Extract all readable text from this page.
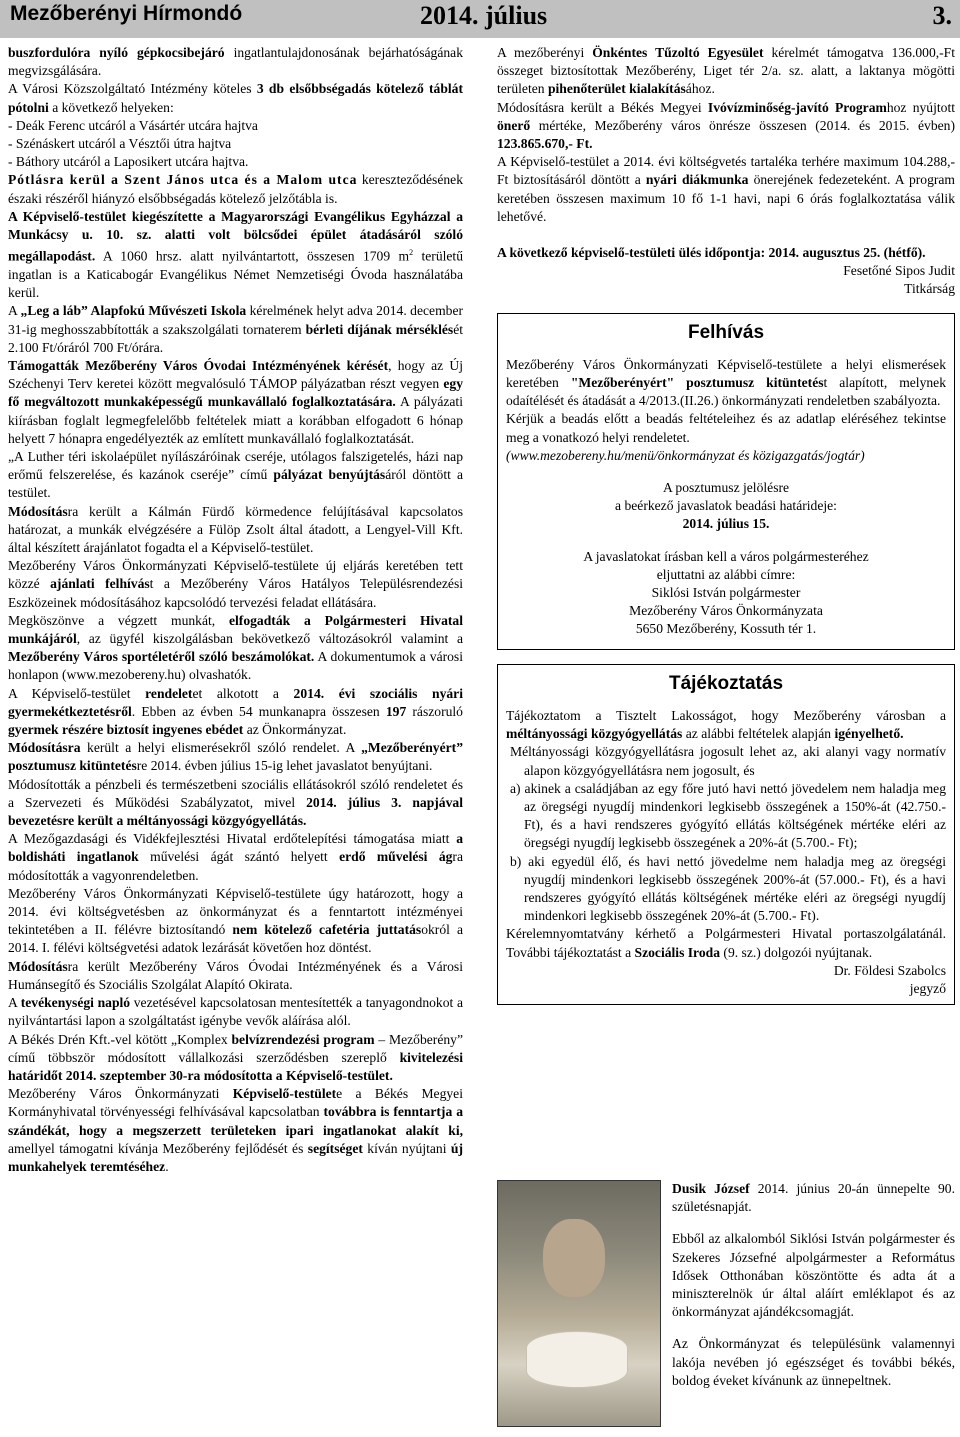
Mezőberényi Hírmondó	2014. július	3.

buszfordulóra nyíló gépkocsibejáró ingatlantulajdonosának bejárhatóságának megvizsgálására.

A Városi Közszolgáltató Intézmény köteles 3 db elsőbbségadás kötelező táblát pótolni a következő helyeken:

- Deák Ferenc utcáról a Vásártér utcára hajtva

- Szénáskert utcáról a Vésztői útra hajtva

- Báthory utcáról a Laposikert utcára hajtva.

Pótlásra kerül a Szent János utca és a Malom utca kereszteződésének északi részéről hiányzó elsőbbségadás kötelező jelzőtábla is.

A Képviselő-testület kiegészítette a Magyarországi Evangélikus Egyházzal a Munkácsy u. 10. sz. alatti volt bölcsődei épület átadásáról szóló megállapodást. A 1060 hrsz. alatt nyilvántartott, összesen 1709 $m^2$ területű ingatlan is a Katicabogár Evangélikus Német Nemzetiségi Óvoda használatába kerül.

A „Leg a láb” Alapfokú Művészeti Iskola kérelmének helyt adva 2014. december 31-ig meghosszabbították a szakszolgálati tornaterem bérleti díjának mérséklését 2.100 Ft/óráról 700 Ft/órára.

Támogatták Mezőberény Város Óvodai Intézményének kérését, hogy az Új Széchenyi Terv keretei között megvalósuló TÁMOP pályázatban részt vegyen egy fő megváltozott munkaképességű munkavállaló foglalkoztatására. A pályázati kiírásban foglalt legmegfelelőbb feltételek miatt a korábban elfogadott 6 hónap helyett 7 hónapra engedélyezték az említett munkavállaló foglalkoztatását.

„A Luther téri iskolaépület nyílászáróinak cseréje, utólagos falszigetelés, házi nap erőmű felszerelése, és kazánok cseréje” című pályázat benyújtásáról döntött a testület.

Módosításra került a Kálmán Fürdő körmedence felújításával kapcsolatos határozat, a munkák elvégzésére a Fülöp Zsolt által átadott, a Lengyel-Vill Kft. által készített árajánlatot fogadta el a Képviselő-testület.

Mezőberény Város Önkormányzati Képviselő-testülete új eljárás keretében tett közzé ajánlati felhívást a Mezőberény Város Hatályos Településrendezési Eszközeinek módosításához kapcsolódó tervezési feladat ellátására.

Megköszönve a végzett munkát, elfogadták a Polgármesteri Hivatal munkájáról, az ügyfél kiszolgálásban bekövetkező változásokról valamint a Mezőberény Város sportéletéről szóló beszámolókat. A dokumentumok a városi honlapon (www.mezobereny.hu) olvashatók.

A Képviselő-testület rendeletet alkotott a 2014. évi szociális nyári gyermekétkeztetésről. Ebben az évben 54 munkanapra összesen 197 rászoruló gyermek részére biztosít ingyenes ebédet az Önkormányzat.

Módosításra került a helyi elismerésekről szóló rendelet. A „Mezőberényért” posztumusz kitüntetésre 2014. évben július 15-ig lehet javaslatot benyújtani.

Módosították a pénzbeli és természetbeni szociális ellátásokról szóló rendeletet és a Szervezeti és Működési Szabályzatot, mivel 2014. július 3. napjával bevezetésre került a méltányossági közgyógyellátás.

A Mezőgazdasági és Vidékfejlesztési Hivatal erdőtelepítési támogatása miatt a boldisháti ingatlanok művelési ágát szántó helyett erdő művelési ágra módosították a vagyonrendeletben.

Mezőberény Város Önkormányzati Képviselő-testülete úgy határozott, hogy a 2014. évi költségvetésben az önkormányzat és a fenntartott intézményei tekintetében a II. félévre biztosítandó nem kötelező cafetéria juttatásokról a 2014. I. félévi költségvetési adatok lezárását követően hoz döntést.

Módosításra került Mezőberény Város Óvodai Intézményének és a Városi Humánsegítő és Szociális Szolgálat Alapító Okirata.

A tevékenységi napló vezetésével kapcsolatosan mentesítették a tanyagondnokot a nyilvántartási lapon a szolgáltatást igénybe vevők aláírása alól.

A Békés Drén Kft.-vel kötött „Komplex belvízrendezési program – Mezőberény” című többször módosított vállalkozási szerződésben szereplő kivitelezési határidőt 2014. szeptember 30-ra módosította a Képviselő-testület.

Mezőberény Város Önkormányzati Képviselő-testülete a Békés Megyei Kormányhivatal törvényességi felhívásával kapcsolatban továbbra is fenntartja a szándékát, hogy a megszerzett területeken ipari ingatlanokat alakít ki, amellyel támogatni kívánja Mezőberény fejlődését és segítséget kíván nyújtani új munkahelyek teremtéséhez.

A mezőberényi Önkéntes Tűzoltó Egyesület kérelmét támogatva 136.000,-Ft összeget biztosítottak Mezőberény, Liget tér 2/a. sz. alatt, a laktanya mögötti területen pihenőterület kialakításához.

Módosításra került a Békés Megyei Ivóvízminőség-javító Programhoz nyújtott önerő mértéke, Mezőberény város önrésze összesen (2014. és 2015. évben) 123.865.670,- Ft.

A Képviselő-testület a 2014. évi költségvetés tartaléka terhére maximum 104.288,- Ft biztosításáról döntött a nyári diákmunka önerejének fedezeteként. A program keretében összesen maximum 10 fő 1-1 havi, napi 6 órás foglalkoztatása válik lehetővé.

A következő képviselő-testületi ülés időpontja: 2014. augusztus 25. (hétfő).

Fesetőné Sipos Judit

Titkárság

Felhívás

Mezőberény Város Önkormányzati Képviselő-testülete a helyi elismerések keretében "Mezőberényért" posztumusz kitüntetést alapított, melynek odaítélését és átadását a 4/2013.(II.26.) önkormányzati rendeletben szabályozta.

Kérjük a beadás előtt a beadás feltételeihez és az adatlap eléréséhez tekintse meg a vonatkozó helyi rendeletet.

(www.mezobereny.hu/menü/önkormányzat és közigazgatás/jogtár)

A posztumusz jelölésre

a beérkező javaslatok beadási határideje:

2014. július 15.

A javaslatokat írásban kell a város polgármesteréhez

eljuttatni az alábbi címre:

Siklósi István polgármester

Mezőberény Város Önkormányzata

5650 Mezőberény, Kossuth tér 1.

Tájékoztatás

Tájékoztatom a Tisztelt Lakosságot, hogy Mezőberény városban a méltányossági közgyógyellátás az alábbi feltételek alapján igényelhető.

Méltányossági közgyógyellátásra jogosult lehet az, aki alanyi vagy normatív alapon közgyógyellátásra nem jogosult, és

a) akinek a családjában az egy főre jutó havi nettó jövedelem nem haladja meg az öregségi nyugdíj mindenkori legkisebb összegének a 150%-át (42.750.- Ft), és a havi rendszeres gyógyító ellátás költségének mértéke eléri az öregségi nyugdíj legkisebb összegének a 20%-át (5.700.- Ft);

b) aki egyedül élő, és havi nettó jövedelme nem haladja meg az öregségi nyugdíj mindenkori legkisebb összegének 200%-át (57.000.- Ft), és a havi rendszeres gyógyító ellátás költségének mértéke eléri az öregségi nyugdíj mindenkori legkisebb összegének 20%-át (5.700.- Ft).

Kérelemnyomtatvány kérhető a Polgármesteri Hivatal portaszolgálatánál. További tájékoztatást a Szociális Iroda (9. sz.) dolgozói nyújtanak.

Dr. Földesi Szabolcs

jegyző

Dusik József 2014. június 20-án ünnepelte 90. születésnapját.

Ebből az alkalomból Siklósi István polgármester és Szekeres Józsefné alpolgármester a Református Idősek Otthonában köszöntötte és adta át a miniszterelnök úr által aláírt emléklapot és az önkormányzat ajándékcsomagját.

Az Önkormányzat és településünk valamennyi lakója nevében jó egészséget és további békés, boldog éveket kívánunk az ünnepeltnek.
